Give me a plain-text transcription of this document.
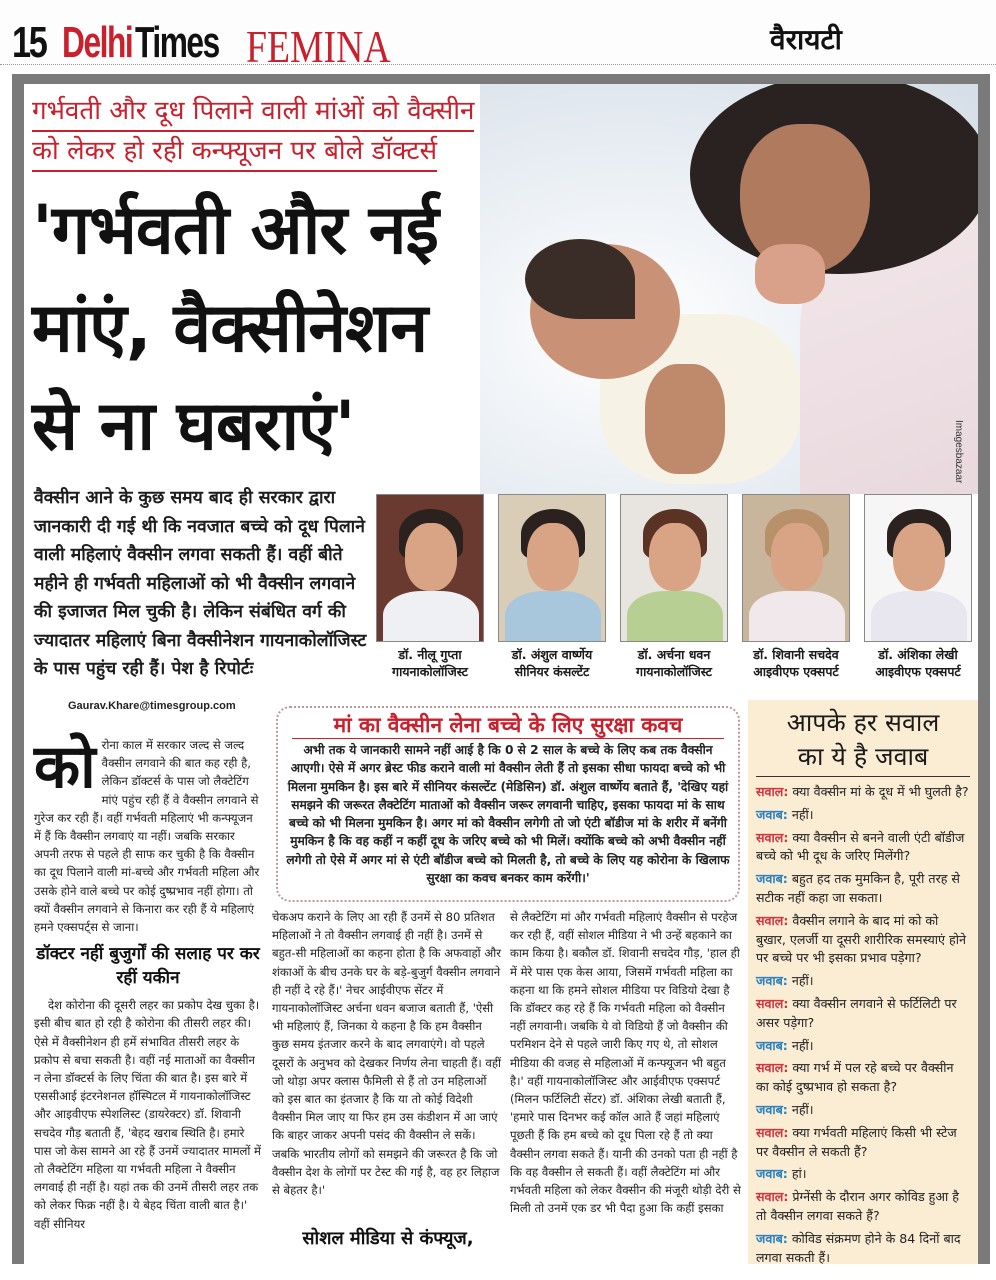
15 Delhi Times FEMINA	वैरायटी
Imagesbazaar
गर्भवती और दूध पिलाने वाली मांओं को वैक्सीन
को लेकर हो रही कन्फ्यूजन पर बोले डॉक्टर्स
'गर्भवती और नई
मांएं, वैक्सीनेशन
से ना घबराएं'
वैक्सीन आने के कुछ समय बाद ही सरकार द्वारा जानकारी दी गई थी कि नवजात बच्चे को दूध पिलाने वाली महिलाएं वैक्सीन लगवा सकती हैं। वहीं बीते महीने ही गर्भवती महिलाओं को भी वैक्सीन लगवाने की इजाजत मिल चुकी है। लेकिन संबंधित वर्ग की ज्यादातर महिलाएं बिना वैक्सीनेशन गायनाकोलॉजिस्ट के पास पहुंच रही हैं। पेश है रिपोर्टः
डॉ. नीलू गुप्ता
गायनाकोलॉजिस्ट
डॉ. अंशुल वार्ष्णेय
सीनियर कंसल्टेंट
डॉ. अर्चना धवन
गायनाकोलॉजिस्ट
डॉ. शिवानी सचदेव
आइवीएफ एक्सपर्ट
डॉ. अंशिका लेखी
आइवीएफ एक्सपर्ट
Gaurav.Khare@timesgroup.com
को रोना काल में सरकार जल्द से जल्द वैक्सीन लगवाने की बात कह रही है, लेकिन डॉक्टर्स के पास जो लैक्टेटिंग मांएं पहुंच रही हैं वे वैक्सीन लगवाने से गुरेज कर रही हैं। वहीं गर्भवती महिलाएं भी कन्फ्यूजन में हैं कि वैक्सीन लगवाएं या नहीं। जबकि सरकार अपनी तरफ से पहले ही साफ कर चुकी है कि वैक्सीन का दूध पिलाने वाली मां-बच्चे और गर्भवती महिला और उसके होने वाले बच्चे पर कोई दुष्प्रभाव नहीं होगा। तो क्यों वैक्सीन लगवाने से किनारा कर रही हैं ये महिलाएं हमने एक्सपर्ट्स से जाना।
डॉक्टर नहीं बुजुर्गों की सलाह पर कर रहीं यकीन
देश कोरोना की दूसरी लहर का प्रकोप देख चुका है। इसी बीच बात हो रही है कोरोना की तीसरी लहर की। ऐसे में वैक्सीनेशन ही हमें संभावित तीसरी लहर के प्रकोप से बचा सकती है। वहीं नई माताओं का वैक्सीन न लेना डॉक्टर्स के लिए चिंता की बात है। इस बारे में एससीआई इंटरनेशनल हॉस्पिटल में गायनाकोलॉजिस्ट और आइवीएफ स्पेशलिस्ट (डायरेक्टर) डॉ. शिवानी सचदेव गौड़ बताती हैं, 'बेहद खराब स्थिति है। हमारे पास जो केस सामने आ रहे हैं उनमें ज्यादातर मामलों में तो लैक्टेटिंग महिला या गर्भवती महिला ने वैक्सीन लगवाई ही नहीं है। यहां तक की उनमें तीसरी लहर तक को लेकर फिक्र नहीं है। ये बेहद चिंता वाली बात है।' वहीं सीनियर
मां का वैक्सीन लेना बच्चे के लिए सुरक्षा कवच
अभी तक ये जानकारी सामने नहीं आई है कि 0 से 2 साल के बच्चे के लिए कब तक वैक्सीन आएगी। ऐसे में अगर ब्रेस्ट फीड कराने वाली मां वैक्सीन लेती हैं तो इसका सीधा फायदा बच्चे को भी मिलना मुमकिन है। इस बारे में सीनियर कंसल्टेंट (मेडिसिन) डॉ. अंशुल वार्ष्णेय बताते हैं, 'देखिए यहां समझने की जरूरत लैक्टेटिंग माताओं को वैक्सीन जरूर लगवानी चाहिए, इसका फायदा मां के साथ बच्चे को भी मिलना मुमकिन है। अगर मां को वैक्सीन लगेगी तो जो एंटी बॉडीज मां के शरीर में बनेंगी मुमकिन है कि वह कहीं न कहीं दूध के जरिए बच्चे को भी मिलें। क्योंकि बच्चे को अभी वैक्सीन नहीं लगेगी तो ऐसे में अगर मां से एंटी बॉडीज बच्चे को मिलती है, तो बच्चे के लिए यह कोरोना के खिलाफ सुरक्षा का कवच बनकर काम करेंगी।'
चेकअप कराने के लिए आ रही हैं उनमें से 80 प्रतिशत महिलाओं ने तो वैक्सीन लगवाई ही नहीं है। उनमें से बहुत-सी महिलाओं का कहना होता है कि अफवाहों और शंकाओं के बीच उनके घर के बड़े-बुजुर्ग वैक्सीन लगवाने ही नहीं दे रहे हैं।' नेचर आईवीएफ सेंटर में गायनाकोलॉजिस्ट अर्चना धवन बजाज बताती हैं, 'ऐसी भी महिलाएं हैं, जिनका ये कहना है कि हम वैक्सीन कुछ समय इंतजार करने के बाद लगवाएंगे। वो पहले दूसरों के अनुभव को देखकर निर्णय लेना चाहती हैं। वहीं जो थोड़ा अपर क्लास फैमिली से हैं तो उन महिलाओं को इस बात का इंतजार है कि या तो कोई विदेशी वैक्सीन मिल जाए या फिर हम उस कंडीशन में आ जाएं कि बाहर जाकर अपनी पसंद की वैक्सीन ले सकें। जबकि भारतीय लोगों को समझने की जरूरत है कि जो वैक्सीन देश के लोगों पर टेस्ट की गई है, वह हर लिहाज से बेहतर है।'
सोशल मीडिया से कंफ्यूज,
से लैक्टेटिंग मां और गर्भवती महिलाएं वैक्सीन से परहेज कर रही हैं, वहीं सोशल मीडिया ने भी उन्हें बहकाने का काम किया है। बकौल डॉ. शिवानी सचदेव गौड़, 'हाल ही में मेरे पास एक केस आया, जिसमें गर्भवती महिला का कहना था कि हमने सोशल मीडिया पर विडियो देखा है कि डॉक्टर कह रहे हैं कि गर्भवती महिला को वैक्सीन नहीं लगवानी। जबकि ये वो विडियो हैं जो वैक्सीन की परमिशन देने से पहले जारी किए गए थे, तो सोशल मीडिया की वजह से महिलाओं में कन्फ्यूजन भी बहुत है।' वहीं गायनाकोलॉजिस्ट और आईवीएफ एक्सपर्ट (मिलन फर्टिलिटी सेंटर) डॉ. अंशिका लेखी बताती हैं, 'हमारे पास दिनभर कई कॉल आते हैं जहां महिलाएं पूछती हैं कि हम बच्चे को दूध पिला रहे हैं तो क्या वैक्सीन लगवा सकते हैं। यानी की उनको पता ही नहीं है कि वह वैक्सीन ले सकती हैं। वहीं लैक्टेटिंग मां और गर्भवती महिला को लेकर वैक्सीन की मंजूरी थोड़ी देरी से मिली तो उनमें एक डर भी पैदा हुआ कि कहीं इसका
आपके हर सवाल
का ये है जवाब
सवाल: क्या वैक्सीन मां के दूध में भी घुलती है?
जवाब: नहीं।
सवाल: क्या वैक्सीन से बनने वाली एंटी बॉडीज बच्चे को भी दूध के जरिए मिलेंगी?
जवाब: बहुत हद तक मुमकिन है, पूरी तरह से सटीक नहीं कहा जा सकता।
सवाल: वैक्सीन लगाने के बाद मां को को बुखार, एलर्जी या दूसरी शारीरिक समस्याएं होने पर बच्चे पर भी इसका प्रभाव पड़ेगा?
जवाब: नहीं।
सवाल: क्या वैक्सीन लगवाने से फर्टिलिटी पर असर पड़ेगा?
जवाब: नहीं।
सवाल: क्या गर्भ में पल रहे बच्चे पर वैक्सीन का कोई दुष्प्रभाव हो सकता है?
जवाब: नहीं।
सवाल: क्या गर्भवती महिलाएं किसी भी स्टेज पर वैक्सीन ले सकती हैं?
जवाब: हां।
सवाल: प्रेग्नेंसी के दौरान अगर कोविड हुआ है तो वैक्सीन लगवा सकते हैं?
जवाब: कोविड संक्रमण होने के 84 दिनों बाद लगवा सकती हैं।
